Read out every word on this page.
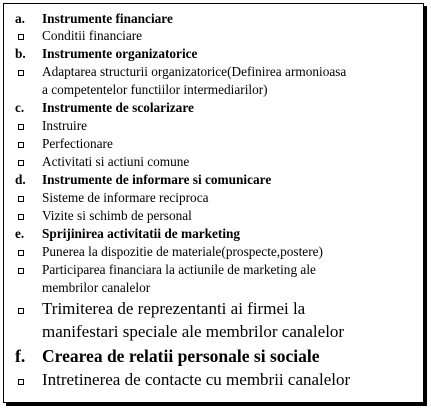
a. Instrumente financiare
Conditii financiare
b. Instrumente organizatorice
Adaptarea structurii organizatorice(Definirea armonioasa
a competentelor functiilor intermediarilor)
c. Instrumente de scolarizare
Instruire
Perfectionare
Activitati si actiuni comune
d. Instrumente de informare si comunicare
Sisteme de informare reciproca
Vizite si schimb de personal
e. Sprijinirea activitatii de marketing
Punerea la dispozitie de materiale(prospecte,postere)
Participarea financiara la actiunile de marketing ale
membrilor canalelor
Trimiterea de reprezentanti ai firmei la
manifestari speciale ale membrilor canalelor
f. Crearea de relatii personale si sociale
Intretinerea de contacte cu membrii canalelor
